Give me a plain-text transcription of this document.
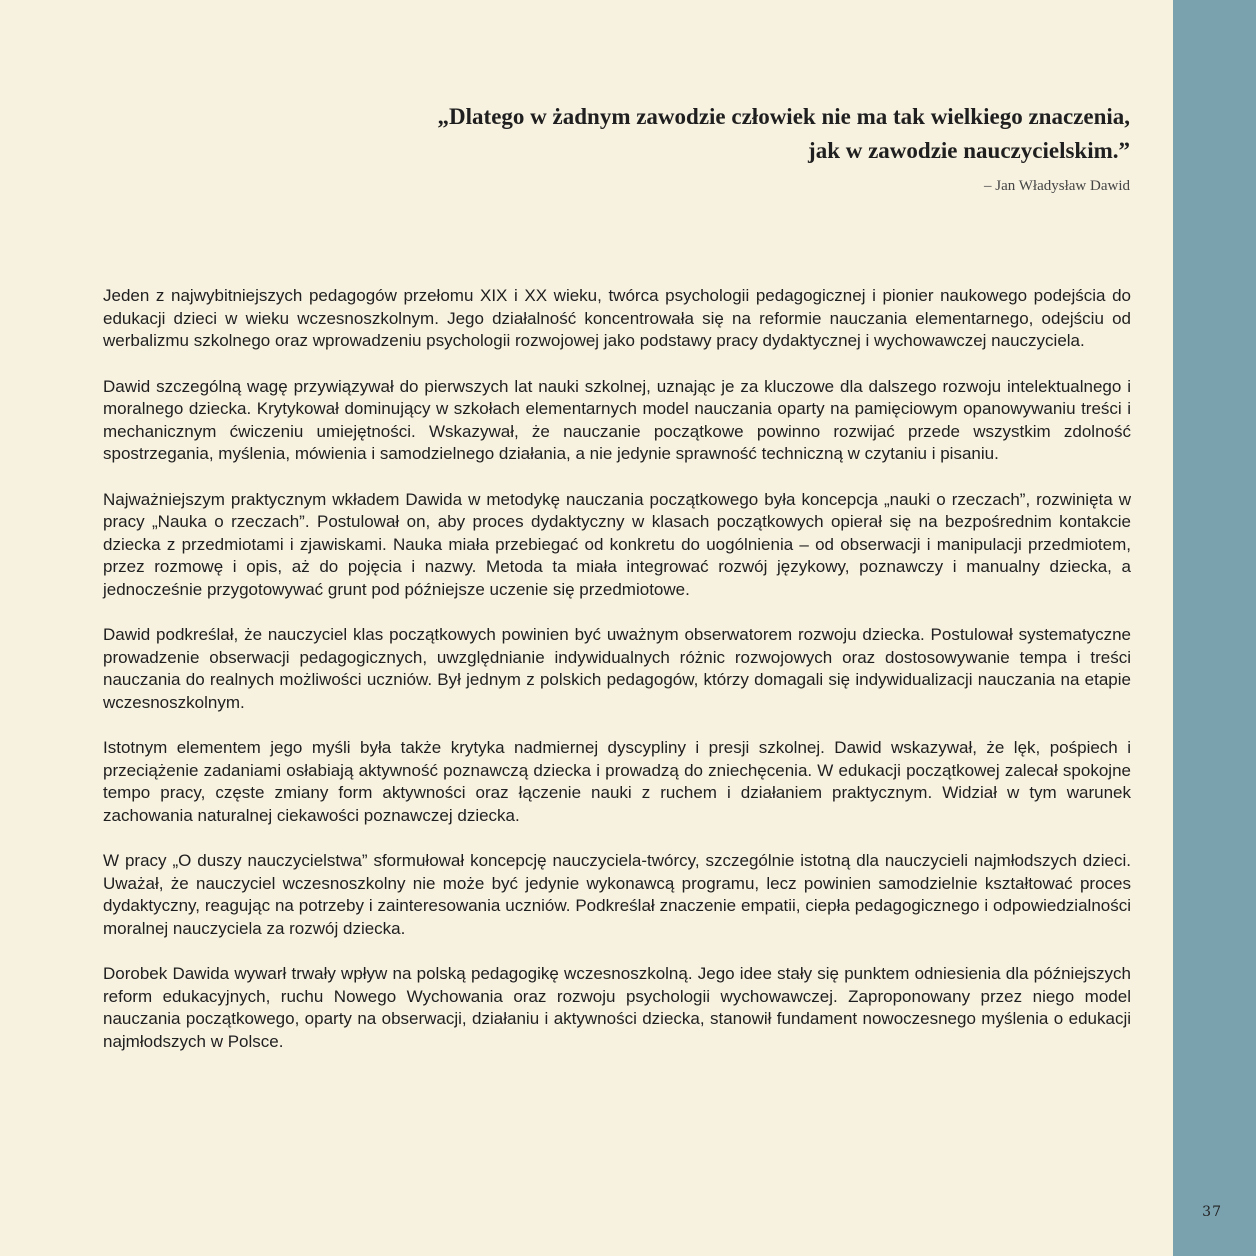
„Dlatego w żadnym zawodzie człowiek nie ma tak wielkiego znaczenia,
jak w zawodzie nauczycielskim.”
– Jan Władysław Dawid

Jeden z najwybitniejszych pedagogów przełomu XIX i XX wieku, twórca psychologii pedagogicznej i pionier naukowego podejścia do edukacji dzieci w wieku wczesnoszkolnym. Jego działalność koncentrowała się na reformie nauczania elementarnego, odejściu od werbalizmu szkolnego oraz wprowadzeniu psychologii rozwojowej jako podstawy pracy dydaktycznej i wychowawczej nauczyciela.

Dawid szczególną wagę przywiązywał do pierwszych lat nauki szkolnej, uznając je za kluczowe dla dalszego rozwoju intelektualnego i moralnego dziecka. Krytykował dominujący w szkołach elementarnych model nauczania oparty na pamięciowym opanowywaniu treści i mechanicznym ćwiczeniu umiejętności. Wskazywał, że nauczanie początkowe powinno rozwijać przede wszystkim zdolność spostrzegania, myślenia, mówienia i samodzielnego działania, a nie jedynie sprawność techniczną w czytaniu i pisaniu.

Najważniejszym praktycznym wkładem Dawida w metodykę nauczania początkowego była koncepcja „nauki o rzeczach”, rozwinięta w pracy „Nauka o rzeczach”. Postulował on, aby proces dydaktyczny w klasach początkowych opierał się na bezpośrednim kontakcie dziecka z przedmiotami i zjawiskami. Nauka miała przebiegać od konkretu do uogólnienia – od obserwacji i manipulacji przedmiotem, przez rozmowę i opis, aż do pojęcia i nazwy. Metoda ta miała integrować rozwój językowy, poznawczy i manualny dziecka, a jednocześnie przygotowywać grunt pod późniejsze uczenie się przedmiotowe.

Dawid podkreślał, że nauczyciel klas początkowych powinien być uważnym obserwatorem rozwoju dziecka. Postulował systematyczne prowadzenie obserwacji pedagogicznych, uwzględnianie indywidualnych różnic rozwojowych oraz dostosowywanie tempa i treści nauczania do realnych możliwości uczniów. Był jednym z polskich pedagogów, którzy domagali się indywidualizacji nauczania na etapie wczesnoszkolnym.

Istotnym elementem jego myśli była także krytyka nadmiernej dyscypliny i presji szkolnej. Dawid wskazywał, że lęk, pośpiech i przeciążenie zadaniami osłabiają aktywność poznawczą dziecka i prowadzą do zniechęcenia. W edukacji początkowej zalecał spokojne tempo pracy, częste zmiany form aktywności oraz łączenie nauki z ruchem i działaniem praktycznym. Widział w tym warunek zachowania naturalnej ciekawości poznawczej dziecka.

W pracy „O duszy nauczycielstwa” sformułował koncepcję nauczyciela-twórcy, szczególnie istotną dla nauczycieli najmłodszych dzieci. Uważał, że nauczyciel wczesnoszkolny nie może być jedynie wykonawcą programu, lecz powinien samodzielnie kształtować proces dydaktyczny, reagując na potrzeby i zainteresowania uczniów. Podkreślał znaczenie empatii, ciepła pedagogicznego i odpowiedzialności moralnej nauczyciela za rozwój dziecka.

Dorobek Dawida wywarł trwały wpływ na polską pedagogikę wczesnoszkolną. Jego idee stały się punktem odniesienia dla późniejszych reform edukacyjnych, ruchu Nowego Wychowania oraz rozwoju psychologii wychowawczej. Zaproponowany przez niego model nauczania początkowego, oparty na obserwacji, działaniu i aktywności dziecka, stanowił fundament nowoczesnego myślenia o edukacji najmłodszych w Polsce.

37
